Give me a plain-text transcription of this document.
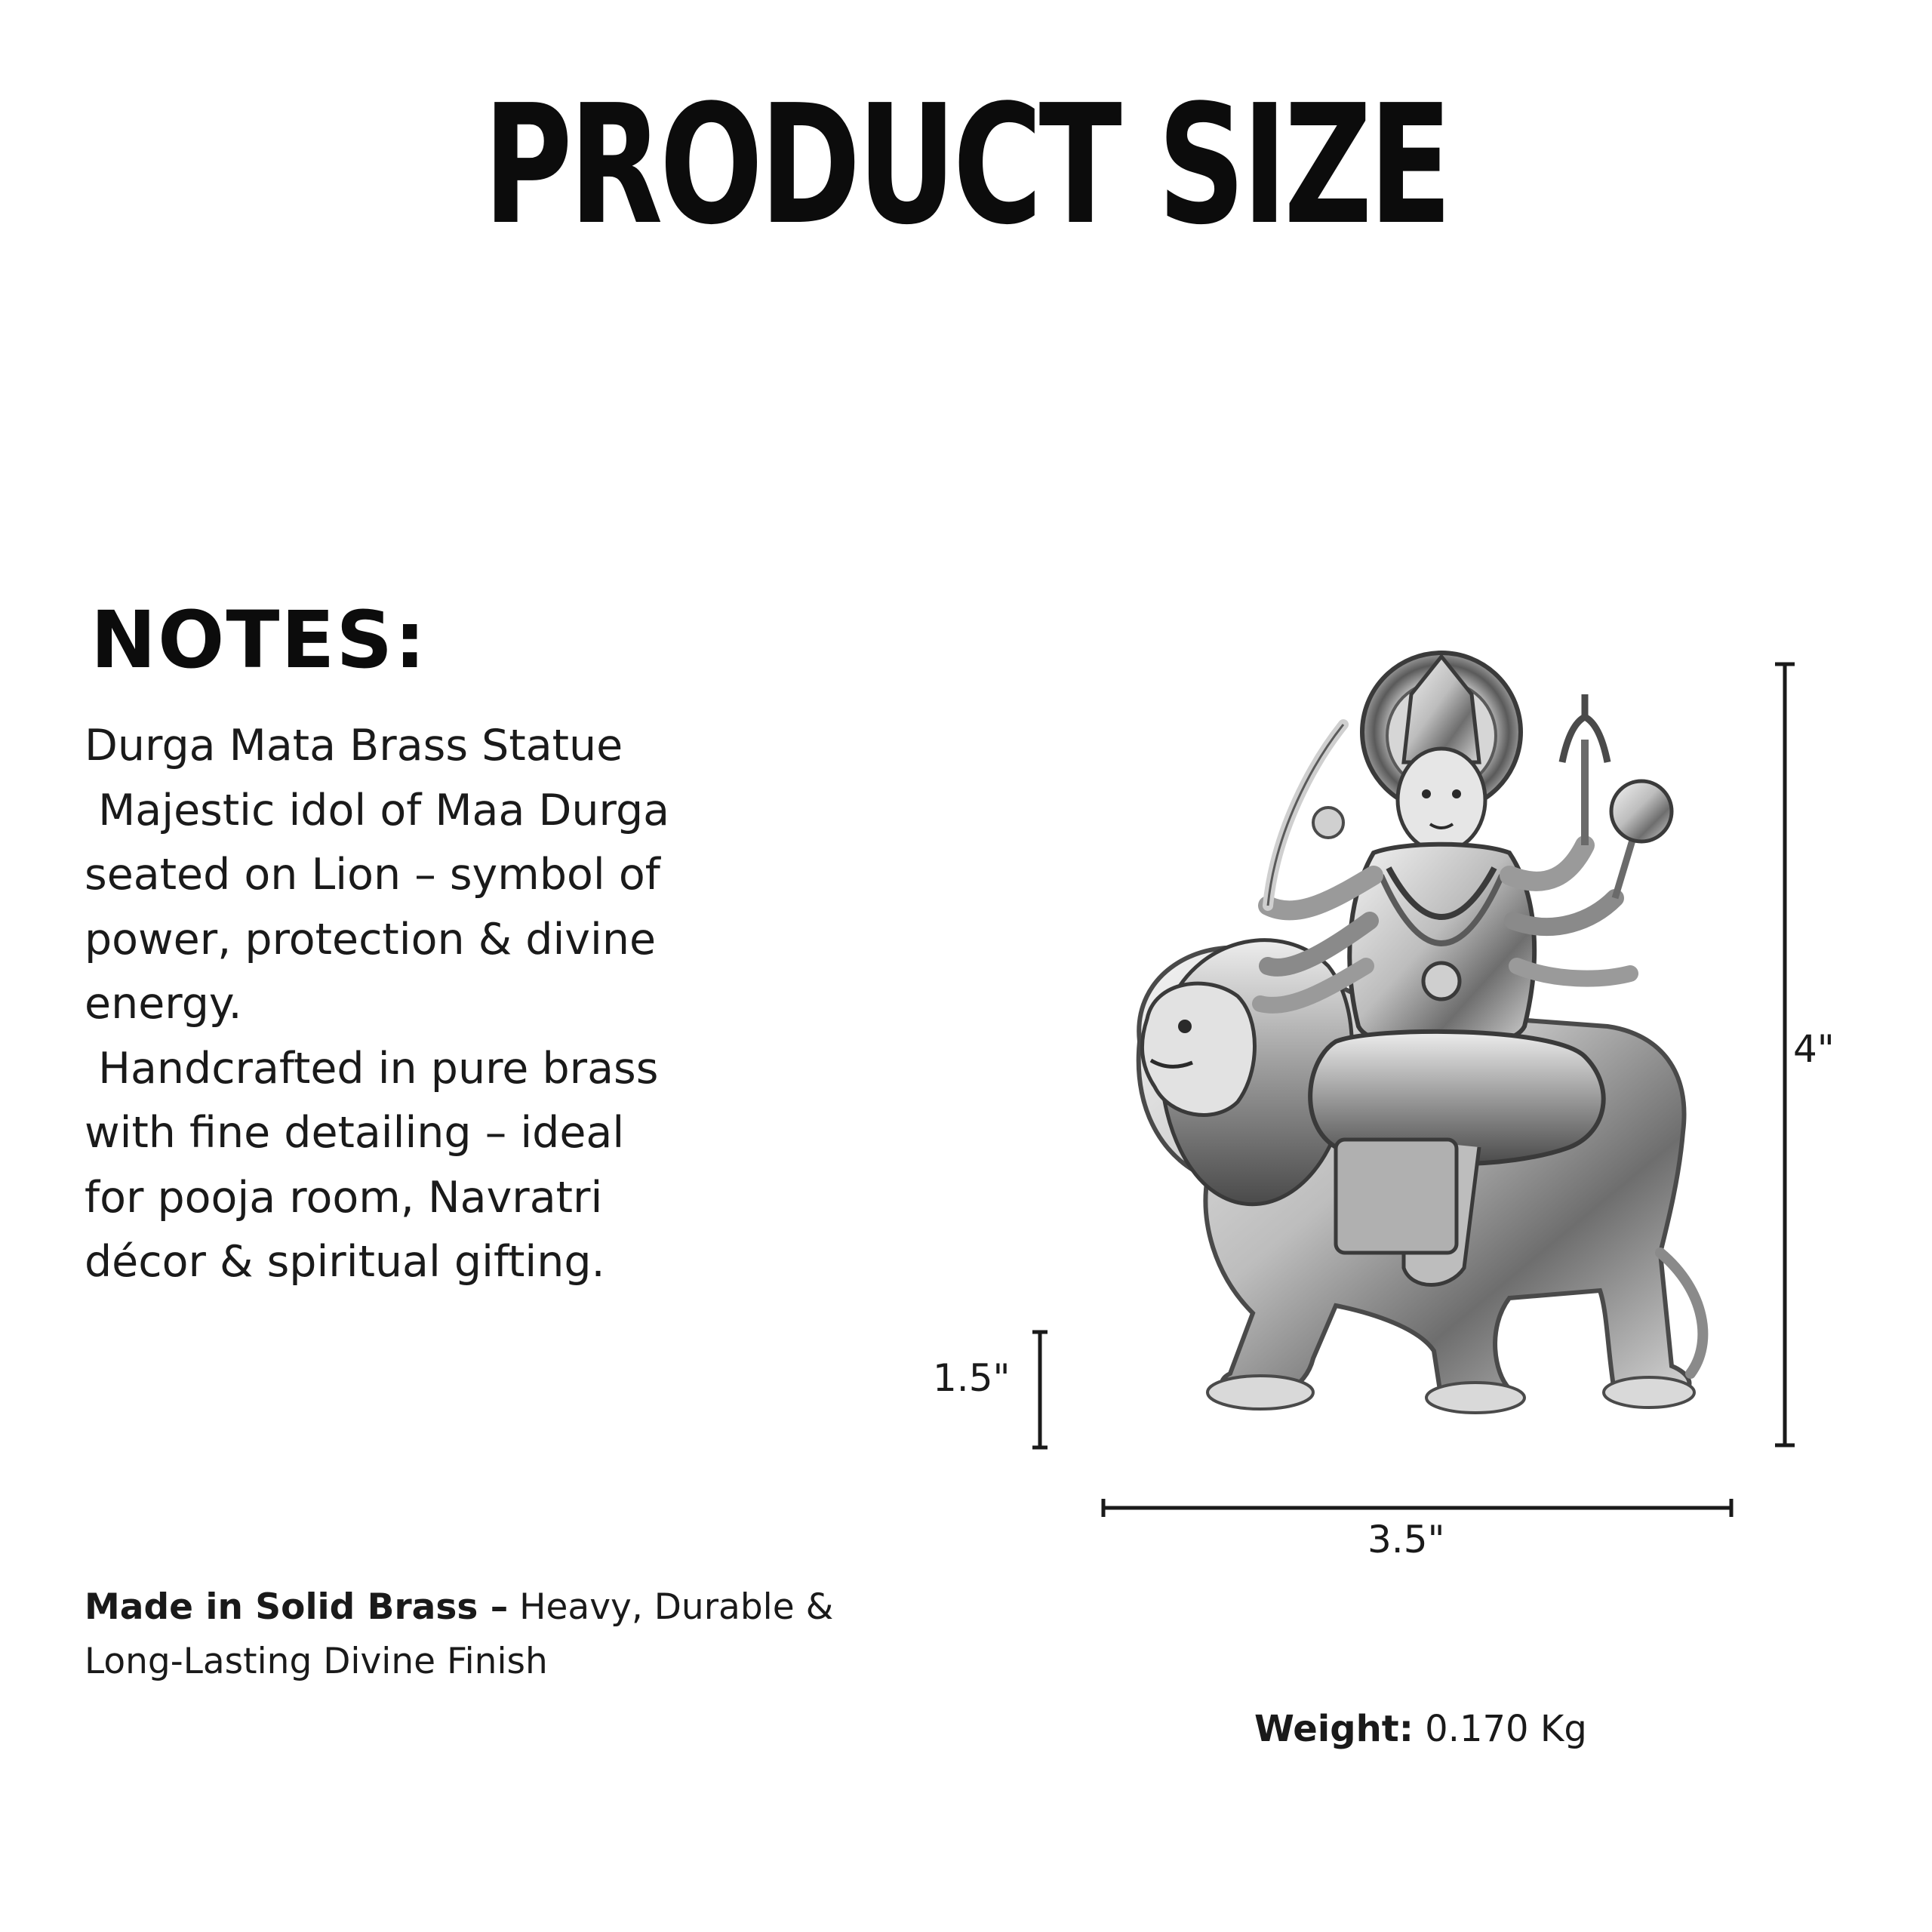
PRODUCT SIZE
NOTES:
Durga Mata Brass Statue
Majestic idol of Maa Durga
seated on Lion – symbol of
power, protection & divine
energy.
Handcrafted in pure brass
with fine detailing – ideal
for pooja room, Navratri
décor & spiritual gifting.
Made in Solid Brass – Heavy, Durable & Long-Lasting Divine Finish
Weight: 0.170 Kg
4"
1.5"
3.5"
